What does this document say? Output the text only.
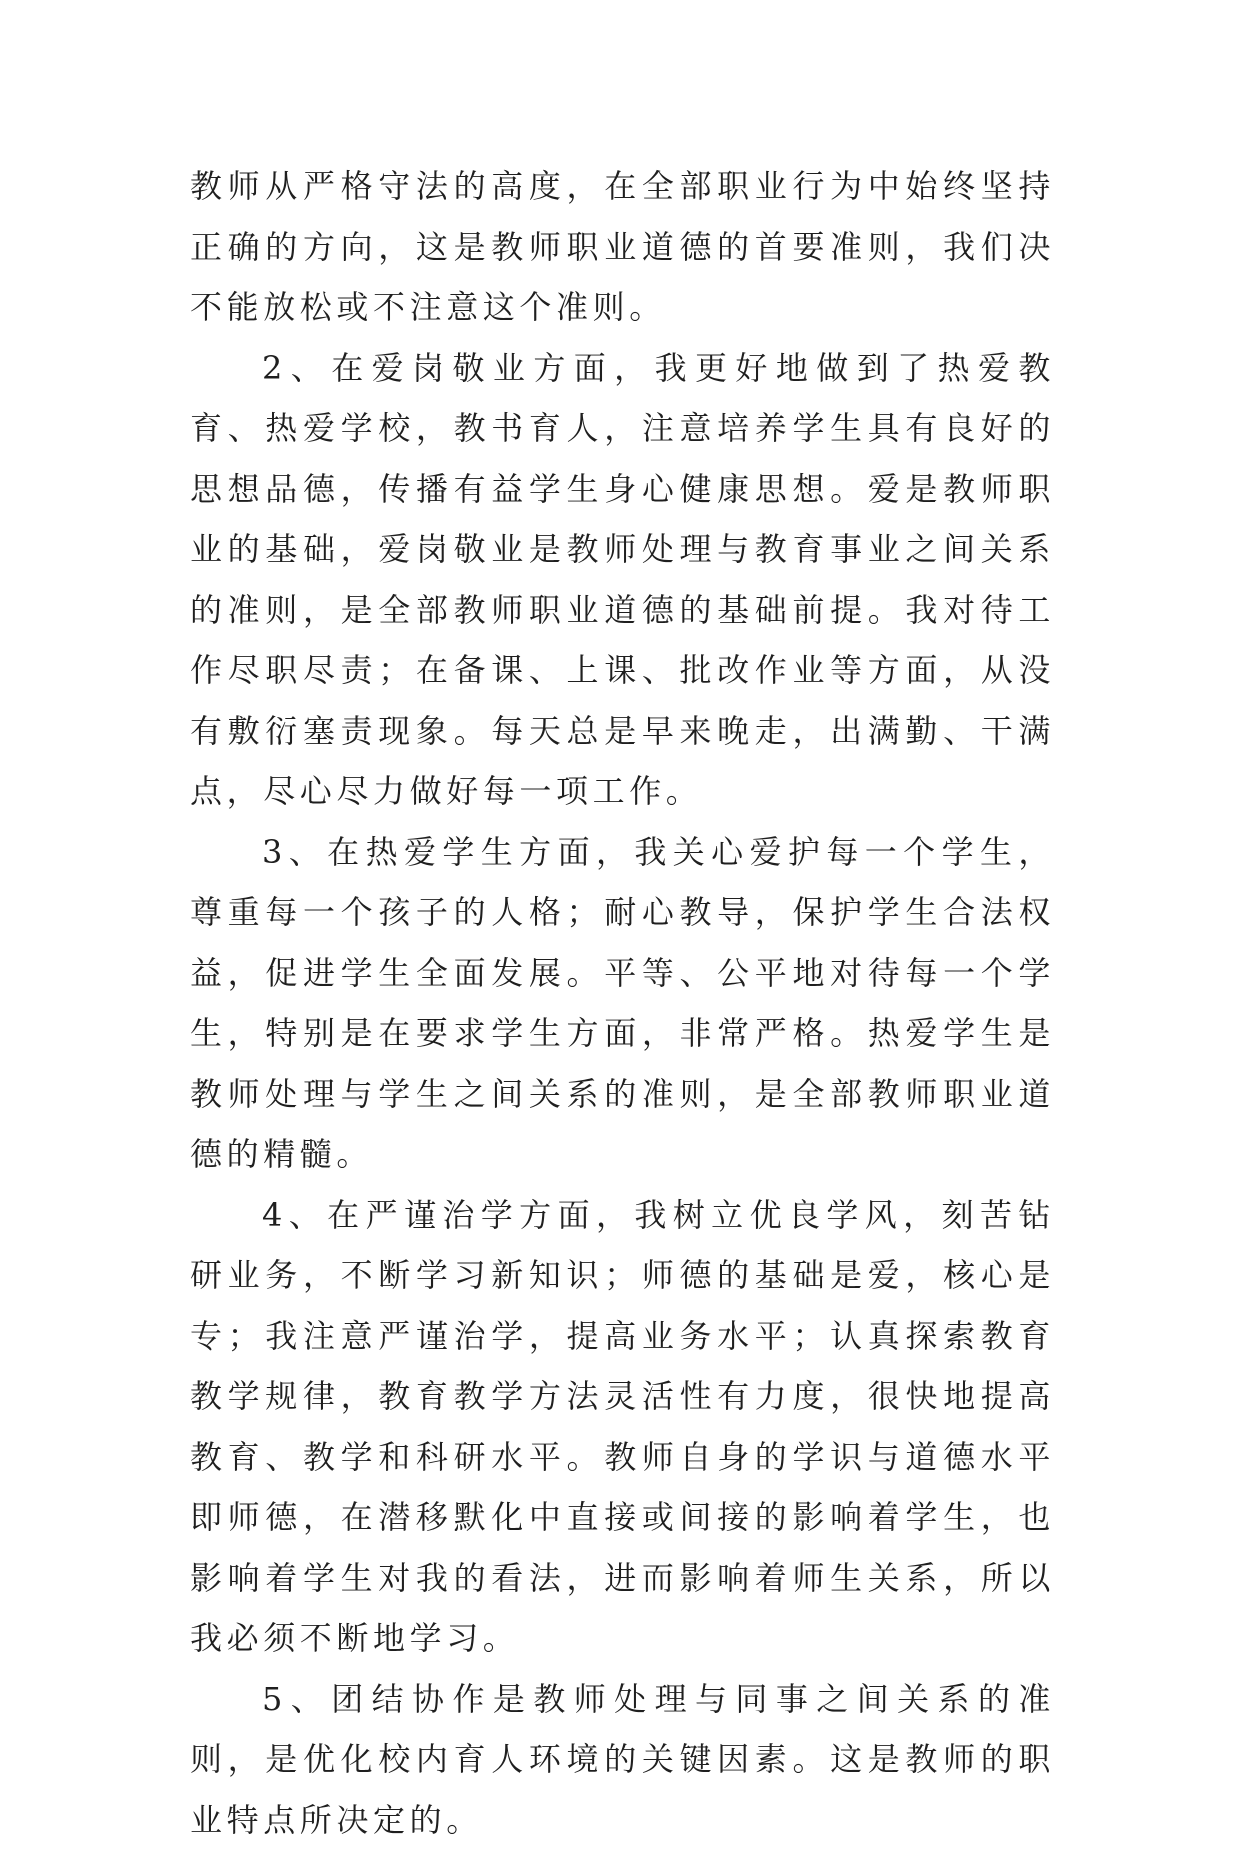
教师从严格守法的高度，在全部职业行为中始终坚持正确的方向，这是教师职业道德的首要准则，我们决不能放松或不注意这个准则。

2、在爱岗敬业方面，我更好地做到了热爱教育、热爱学校，教书育人，注意培养学生具有良好的思想品德，传播有益学生身心健康思想。爱是教师职业的基础，爱岗敬业是教师处理与教育事业之间关系的准则，是全部教师职业道德的基础前提。我对待工作尽职尽责；在备课、上课、批改作业等方面，从没有敷衍塞责现象。每天总是早来晚走，出满勤、干满点，尽心尽力做好每一项工作。

3、在热爱学生方面，我关心爱护每一个学生，尊重每一个孩子的人格；耐心教导，保护学生合法权益，促进学生全面发展。平等、公平地对待每一个学生，特别是在要求学生方面，非常严格。热爱学生是教师处理与学生之间关系的准则，是全部教师职业道德的精髓。

4、在严谨治学方面，我树立优良学风，刻苦钻研业务，不断学习新知识；师德的基础是爱，核心是专；我注意严谨治学，提高业务水平；认真探索教育教学规律，教育教学方法灵活性有力度，很快地提高教育、教学和科研水平。教师自身的学识与道德水平即师德，在潜移默化中直接或间接的影响着学生，也影响着学生对我的看法，进而影响着师生关系，所以我必须不断地学习。

5、团结协作是教师处理与同事之间关系的准则，是优化校内育人环境的关键因素。这是教师的职业特点所决定的。
